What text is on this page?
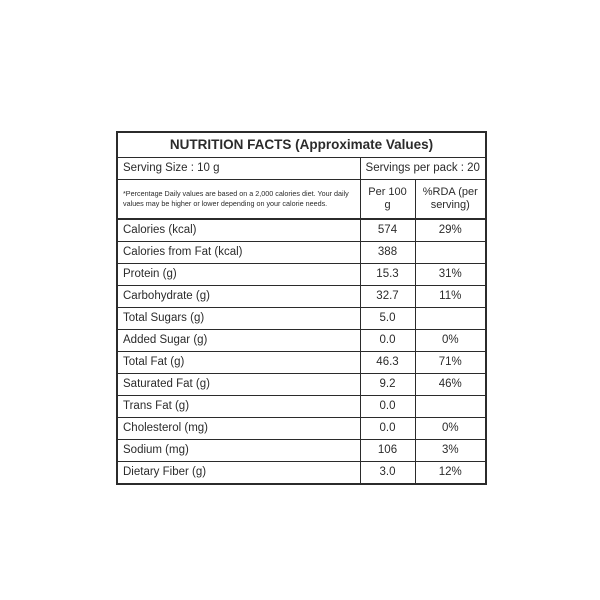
NUTRITION FACTS (Approximate Values)		
Serving Size : 10 g	Servings per pack : 20	
*Percentage Daily values are based on a 2,000 calories diet. Your daily values may be higher or lower depending on your calorie needs.	Per 100 g	%RDA (per serving)
Calories (kcal)	574	29%
Calories from Fat (kcal)	388	
Protein (g)	15.3	31%
Carbohydrate (g)	32.7	11%
Total Sugars (g)	5.0	
Added Sugar (g)	0.0	0%
Total Fat (g)	46.3	71%
Saturated Fat (g)	9.2	46%
Trans Fat (g)	0.0	
Cholesterol (mg)	0.0	0%
Sodium (mg)	106	3%
Dietary Fiber (g)	3.0	12%
